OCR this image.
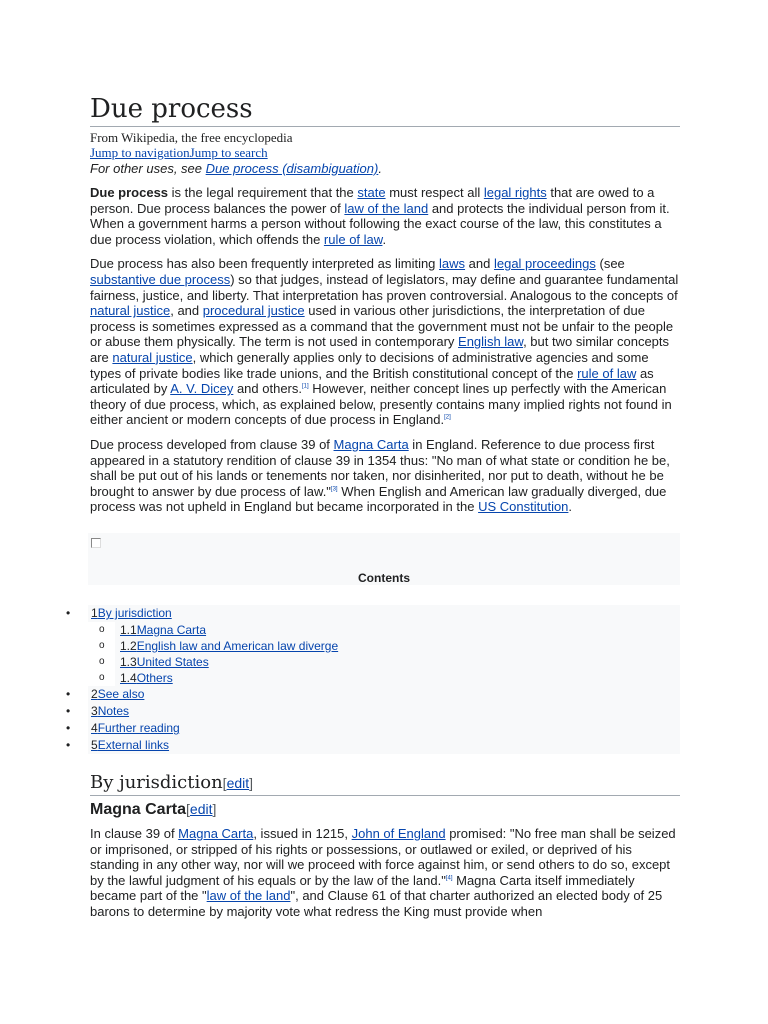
Due process
From Wikipedia, the free encyclopedia
Jump to navigationJump to search
For other uses, see Due process (disambiguation).

Due process is the legal requirement that the state must respect all legal rights that are owed to a person. Due process balances the power of law of the land and protects the individual person from it. When a government harms a person without following the exact course of the law, this constitutes a due process violation, which offends the rule of law.

Due process has also been frequently interpreted as limiting laws and legal proceedings (see substantive due process) so that judges, instead of legislators, may define and guarantee fundamental fairness, justice, and liberty. That interpretation has proven controversial. Analogous to the concepts of natural justice, and procedural justice used in various other jurisdictions, the interpretation of due process is sometimes expressed as a command that the government must not be unfair to the people or abuse them physically. The term is not used in contemporary English law, but two similar concepts are natural justice, which generally applies only to decisions of administrative agencies and some types of private bodies like trade unions, and the British constitutional concept of the rule of law as articulated by A. V. Dicey and others.[1] However, neither concept lines up perfectly with the American theory of due process, which, as explained below, presently contains many implied rights not found in either ancient or modern concepts of due process in England.[2]

Due process developed from clause 39 of Magna Carta in England. Reference to due process first appeared in a statutory rendition of clause 39 in 1354 thus: "No man of what state or condition he be, shall be put out of his lands or tenements nor taken, nor disinherited, nor put to death, without he be brought to answer by due process of law."[3] When English and American law gradually diverged, due process was not upheld in England but became incorporated in the US Constitution.

Contents
• 1By jurisdiction
o 1.1Magna Carta
o 1.2English law and American law diverge
o 1.3United States
o 1.4Others
• 2See also
• 3Notes
• 4Further reading
• 5External links
By jurisdiction[edit]
Magna Carta[edit]

In clause 39 of Magna Carta, issued in 1215, John of England promised: "No free man shall be seized or imprisoned, or stripped of his rights or possessions, or outlawed or exiled, or deprived of his standing in any other way, nor will we proceed with force against him, or send others to do so, except by the lawful judgment of his equals or by the law of the land."[4] Magna Carta itself immediately became part of the "law of the land", and Clause 61 of that charter authorized an elected body of 25 barons to determine by majority vote what redress the King must provide when
